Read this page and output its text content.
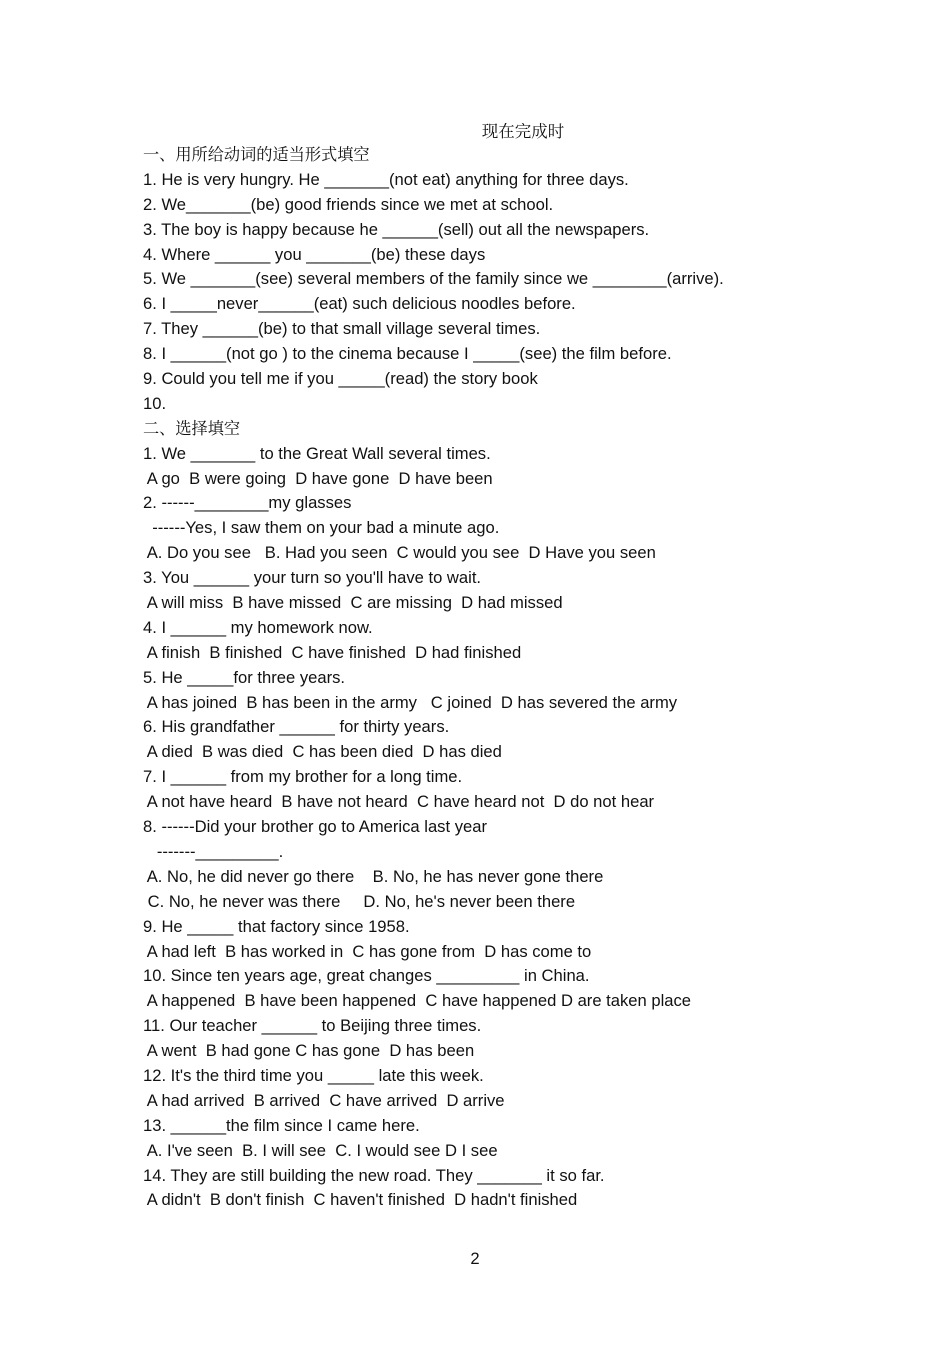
现在完成时
一、用所给动词的适当形式填空
1. He is very hungry. He _______(not eat) anything for three days.
2. We_______(be) good friends since we met at school.
3. The boy is happy because he ______(sell) out all the newspapers.
4. Where ______ you _______(be) these days
5. We _______(see) several members of the family since we ________(arrive).
6. I _____never______(eat) such delicious noodles before.
7. They ______(be) to that small village several times.
8. I ______(not go ) to the cinema because I _____(see) the film before.
9. Could you tell me if you _____(read) the story book
10.
二、选择填空
1. We _______ to the Great Wall several times.
A go  B were going  D have gone  D have been
2. ------________my glasses
------Yes, I saw them on your bad a minute ago.
A. Do you see   B. Had you seen  C would you see  D Have you seen
3. You ______ your turn so you'll have to wait.
A will miss  B have missed  C are missing  D had missed
4. I ______ my homework now.
A finish  B finished  C have finished  D had finished
5. He _____for three years.
A has joined  B has been in the army   C joined  D has severed the army
6. His grandfather ______ for thirty years.
A died  B was died  C has been died  D has died
7. I ______ from my brother for a long time.
A not have heard  B have not heard  C have heard not  D do not hear
8. ------Did your brother go to America last year
-------_________.
A. No, he did never go there    B. No, he has never gone there
C. No, he never was there     D. No, he's never been there
9. He _____ that factory since 1958.
A had left  B has worked in  C has gone from  D has come to
10. Since ten years age, great changes _________ in China.
A happened  B have been happened  C have happened D are taken place
11. Our teacher ______ to Beijing three times.
A went  B had gone C has gone  D has been
12. It's the third time you _____ late this week.
A had arrived  B arrived  C have arrived  D arrive
13. ______the film since I came here.
A. I've seen  B. I will see  C. I would see D I see
14. They are still building the new road. They _______ it so far.
A didn't  B don't finish  C haven't finished  D hadn't finished
2
